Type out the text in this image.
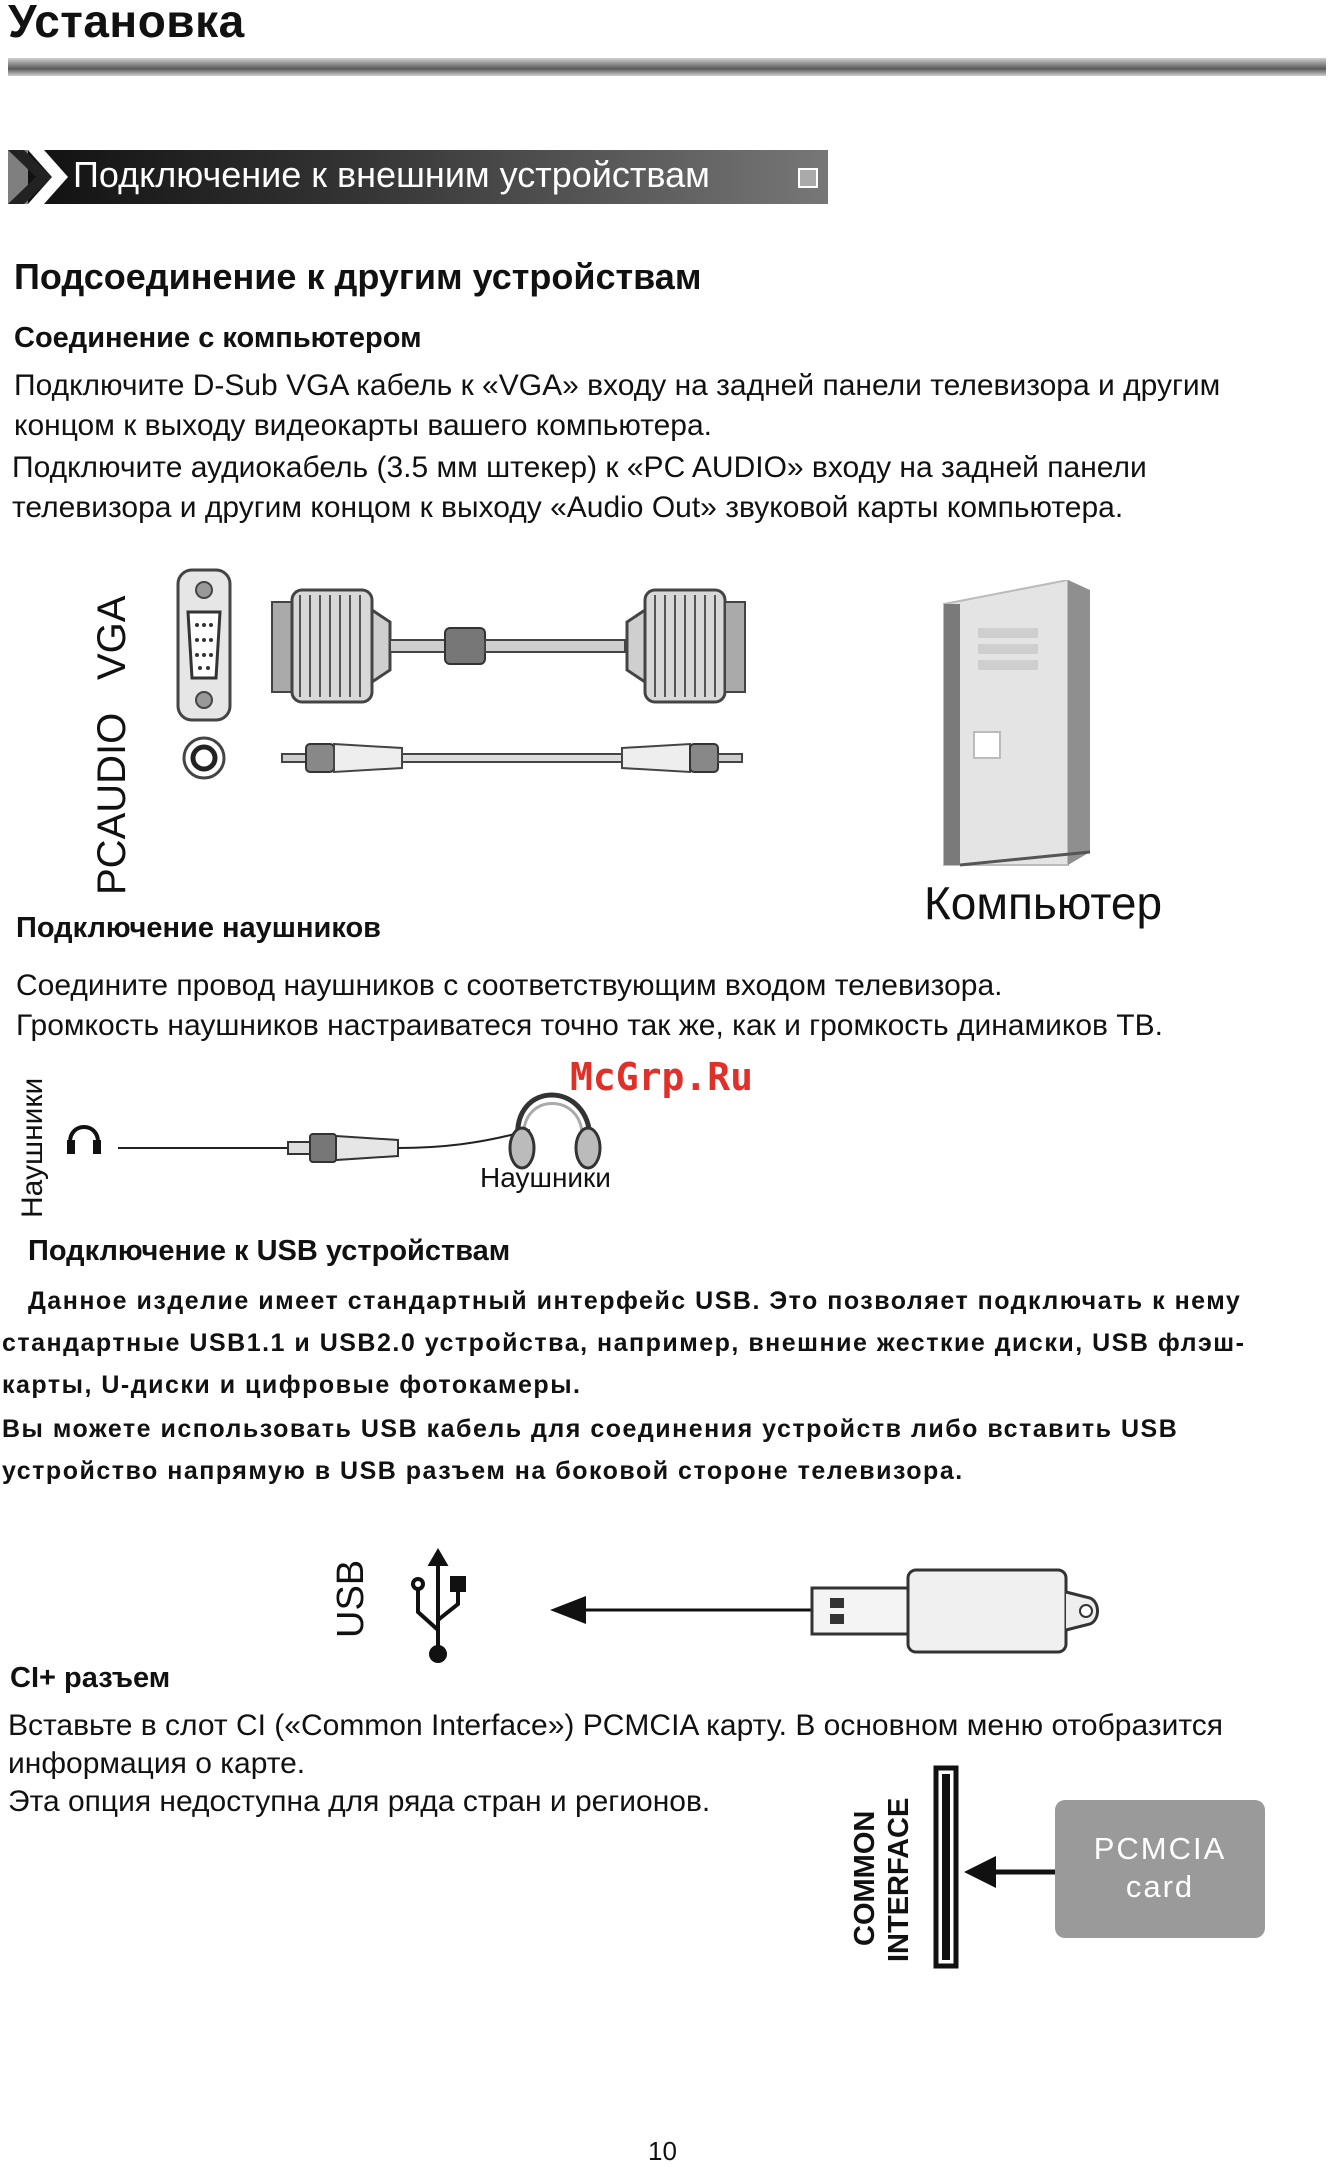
Установка
Подключение к внешним устройствам
Подсоединение к другим устройствам
Соединение с компьютером
Подключите D-Sub VGA кабель к «VGA» входу на задней панели телевизора и другим
концом к выходу видеокарты вашего компьютера.
Подключите аудиокабель (3.5 мм штекер) к «PC AUDIO» входу на задней панели
телевизора и другим концом к выходу «Audio Out» звуковой карты компьютера.
PCAUDIO
VGA
Компьютер
Подключение наушников
Соедините провод наушников с соответствующим входом телевизора.
Громкость наушников настраиватеся точно так же, как и громкость динамиков ТВ.
Наушники
McGrp.Ru
Наушники
Подключение к USB устройствам
Данное изделие имеет стандартный интерфейс USB. Это позволяет подключать к нему
стандартные USB1.1 и USB2.0 устройства, например, внешние жесткие диски, USB флэш-
карты, U-диски и цифровые фотокамеры.
Вы можете использовать USB кабель для соединения устройств либо вставить USB
устройство напрямую в USB разъем на боковой стороне телевизора.
USB
CI+ разъем
Вставьте в слот CI («Common Interface») PCMCIA карту. В основном меню отобразится
информация о карте.
Эта опция недоступна для ряда стран и регионов.
COMMON INTERFACE	PCMCIA
card
10
